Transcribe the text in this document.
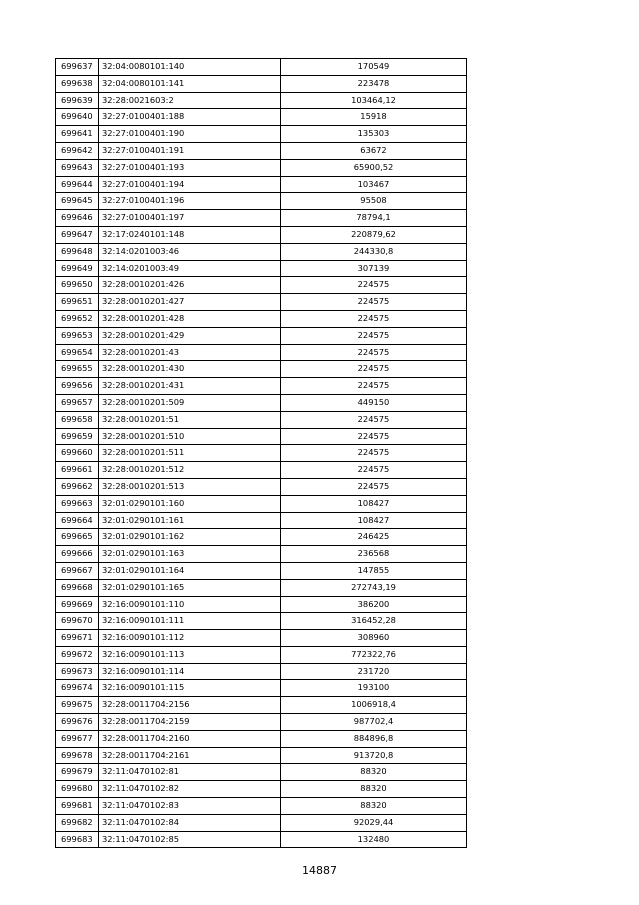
699637	32:04:0080101:140	170549
699638	32:04:0080101:141	223478
699639	32:28:0021603:2	103464,12
699640	32:27:0100401:188	15918
699641	32:27:0100401:190	135303
699642	32:27:0100401:191	63672
699643	32:27:0100401:193	65900,52
699644	32:27:0100401:194	103467
699645	32:27:0100401:196	95508
699646	32:27:0100401:197	78794,1
699647	32:17:0240101:148	220879,62
699648	32:14:0201003:46	244330,8
699649	32:14:0201003:49	307139
699650	32:28:0010201:426	224575
699651	32:28:0010201:427	224575
699652	32:28:0010201:428	224575
699653	32:28:0010201:429	224575
699654	32:28:0010201:43	224575
699655	32:28:0010201:430	224575
699656	32:28:0010201:431	224575
699657	32:28:0010201:509	449150
699658	32:28:0010201:51	224575
699659	32:28:0010201:510	224575
699660	32:28:0010201:511	224575
699661	32:28:0010201:512	224575
699662	32:28:0010201:513	224575
699663	32:01:0290101:160	108427
699664	32:01:0290101:161	108427
699665	32:01:0290101:162	246425
699666	32:01:0290101:163	236568
699667	32:01:0290101:164	147855
699668	32:01:0290101:165	272743,19
699669	32:16:0090101:110	386200
699670	32:16:0090101:111	316452,28
699671	32:16:0090101:112	308960
699672	32:16:0090101:113	772322,76
699673	32:16:0090101:114	231720
699674	32:16:0090101:115	193100
699675	32:28:0011704:2156	1006918,4
699676	32:28:0011704:2159	987702,4
699677	32:28:0011704:2160	884896,8
699678	32:28:0011704:2161	913720,8
699679	32:11:0470102:81	88320
699680	32:11:0470102:82	88320
699681	32:11:0470102:83	88320
699682	32:11:0470102:84	92029,44
699683	32:11:0470102:85	132480
14887
